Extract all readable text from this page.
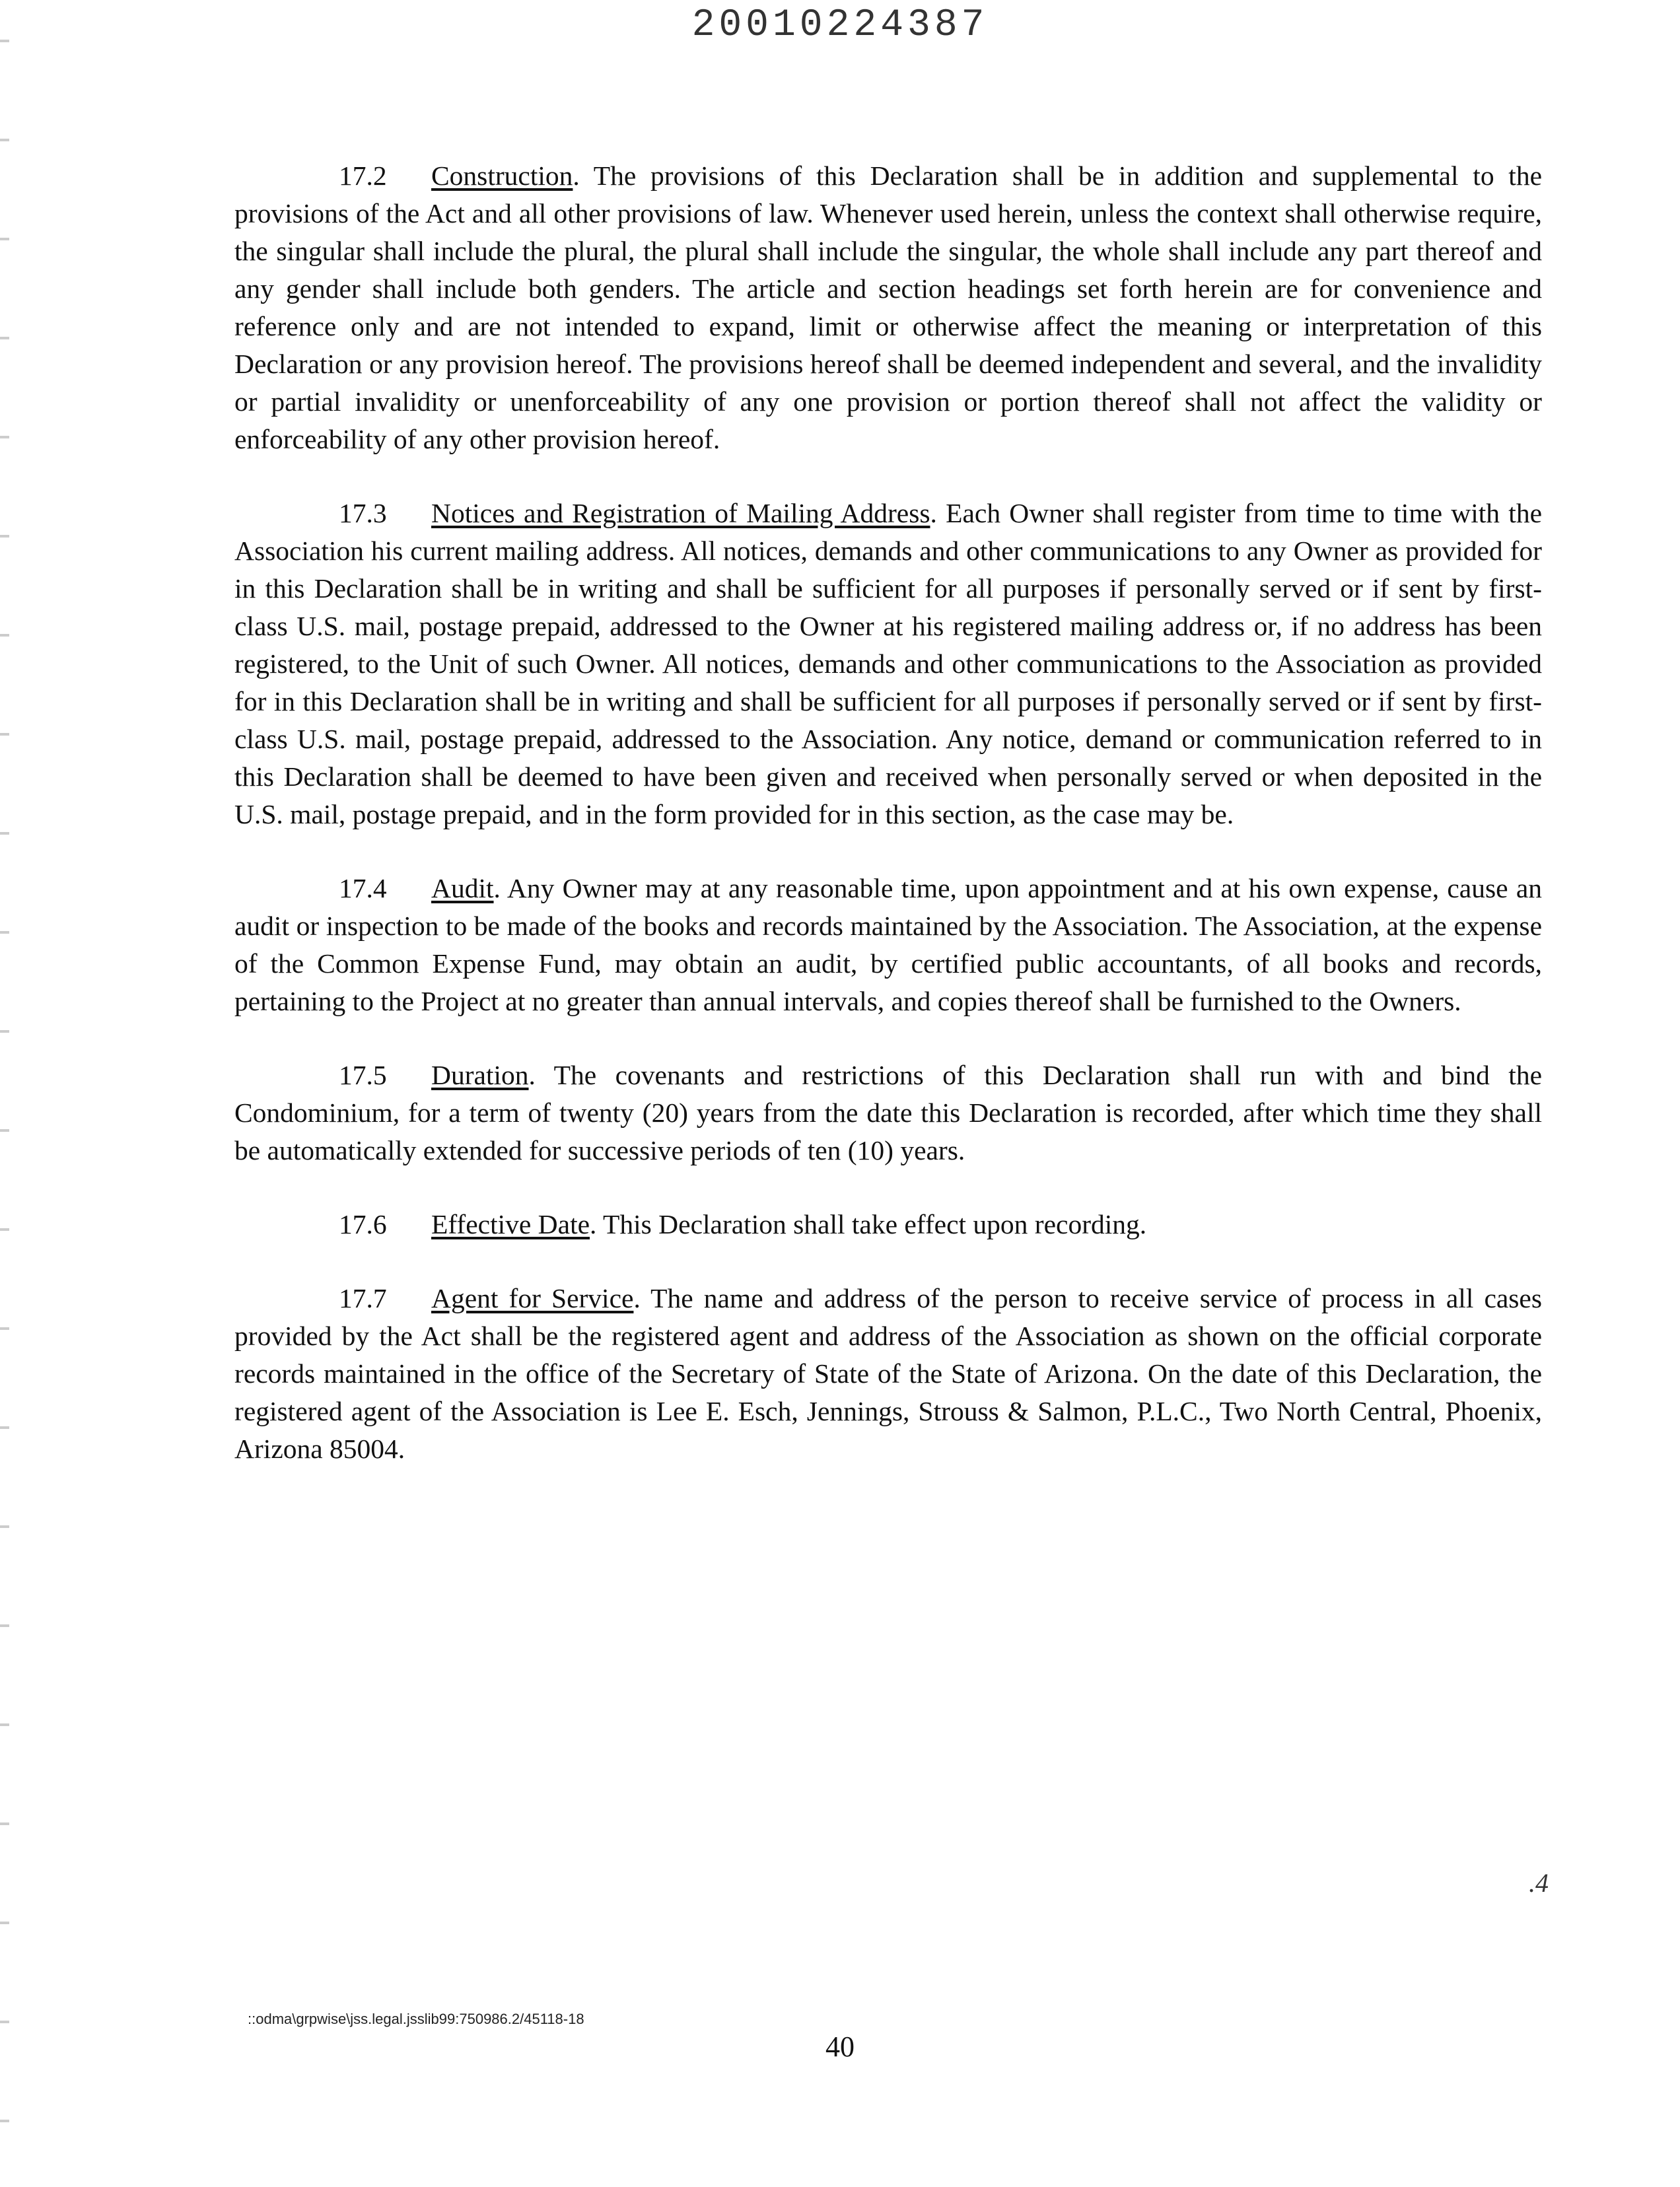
20010224387

17.2 Construction. The provisions of this Declaration shall be in addition and supplemental to the provisions of the Act and all other provisions of law. Whenever used herein, unless the context shall otherwise require, the singular shall include the plural, the plural shall include the singular, the whole shall include any part thereof and any gender shall include both genders. The article and section headings set forth herein are for convenience and reference only and are not intended to expand, limit or otherwise affect the meaning or interpretation of this Declaration or any provision hereof. The provisions hereof shall be deemed independent and several, and the invalidity or partial invalidity or unenforceability of any one provision or portion thereof shall not affect the validity or enforceability of any other provision hereof.

17.3 Notices and Registration of Mailing Address. Each Owner shall register from time to time with the Association his current mailing address. All notices, demands and other communications to any Owner as provided for in this Declaration shall be in writing and shall be sufficient for all purposes if personally served or if sent by first-class U.S. mail, postage prepaid, addressed to the Owner at his registered mailing address or, if no address has been registered, to the Unit of such Owner. All notices, demands and other communications to the Association as provided for in this Declaration shall be in writing and shall be sufficient for all purposes if personally served or if sent by first-class U.S. mail, postage prepaid, addressed to the Association. Any notice, demand or communication referred to in this Declaration shall be deemed to have been given and received when personally served or when deposited in the U.S. mail, postage prepaid, and in the form provided for in this section, as the case may be.

17.4 Audit. Any Owner may at any reasonable time, upon appointment and at his own expense, cause an audit or inspection to be made of the books and records maintained by the Association. The Association, at the expense of the Common Expense Fund, may obtain an audit, by certified public accountants, of all books and records, pertaining to the Project at no greater than annual intervals, and copies thereof shall be furnished to the Owners.

17.5 Duration. The covenants and restrictions of this Declaration shall run with and bind the Condominium, for a term of twenty (20) years from the date this Declaration is recorded, after which time they shall be automatically extended for successive periods of ten (10) years.

17.6 Effective Date. This Declaration shall take effect upon recording.

17.7 Agent for Service. The name and address of the person to receive service of process in all cases provided by the Act shall be the registered agent and address of the Association as shown on the official corporate records maintained in the office of the Secretary of State of the State of Arizona. On the date of this Declaration, the registered agent of the Association is Lee E. Esch, Jennings, Strouss & Salmon, P.L.C., Two North Central, Phoenix, Arizona 85004.

.4
::odma\grpwise\jss.legal.jsslib99:750986.2/45118-18
40
